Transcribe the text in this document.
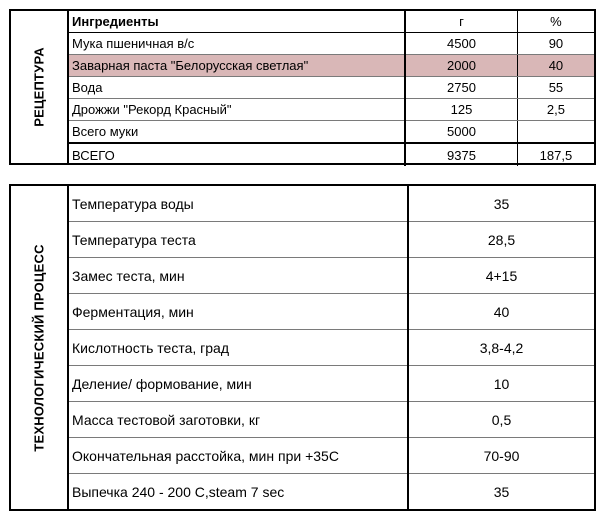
РЕЦЕПТУРА
Ингредиенты	г	%
Мука пшеничная в/с	4500	90
Заварная паста "Белорусская светлая"	2000	40
Вода	2750	55
Дрожжи "Рекорд Красный"	125	2,5
Всего муки	5000	
ВСЕГО	9375	187,5
ТЕХНОЛОГИЧЕСКИЙ ПРОЦЕСС
Температура воды	35
Температура теста	28,5
Замес теста, мин	4+15
Ферментация, мин	40
Кислотность теста, град	3,8-4,2
Деление/ формование, мин	10
Масса тестовой заготовки, кг	0,5
Окончательная расстойка, мин при +35С	70-90
Выпечка 240 - 200 С,steam 7 sec	35
